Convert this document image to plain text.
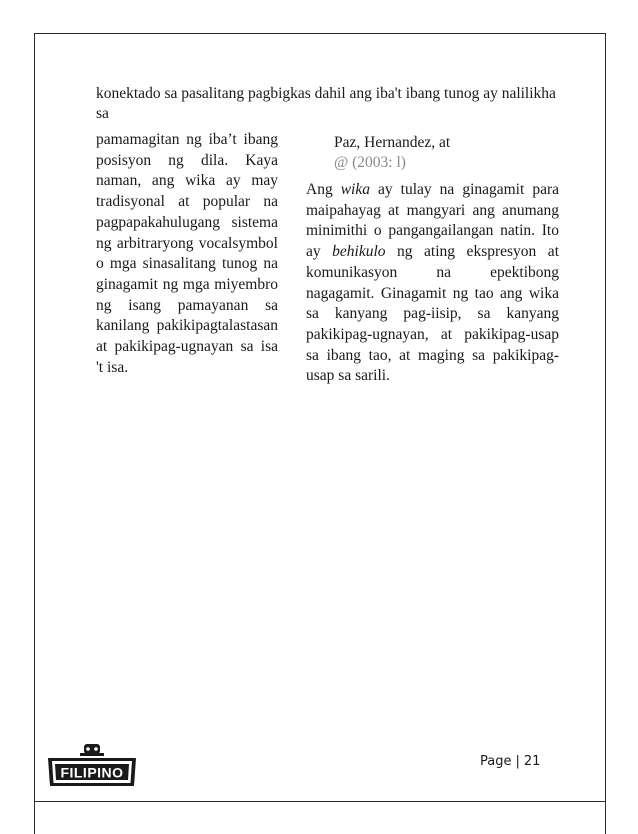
konektado sa pasalitang pagbigkas dahil ang iba't ibang tunog ay nalilikha sa

pamamagitan ng iba’t ibang posisyon ng dila. Kaya naman, ang wika ay may tradisyonal at popular na pagpapakahulugang sistema ng arbitraryong vocalsymbol o mga sinasalitang tunog na ginagamit ng mga miyembro ng isang pamayanan sa kanilang pakikipagtalastasan at pakikipag-ugnayan sa isa 't isa.

Paz, Hernandez, at
@ (2003: l)

Ang wika ay tulay na ginagamit para maipahayag at mangyari ang anumang minimithi o pangangailangan natin. Ito ay behikulo ng ating ekspresyon at komunikasyon na epektibong nagagamit. Ginagamit ng tao ang wika sa kanyang pag-iisip, sa kanyang pakikipag-ugnayan, at pakikipag-usap sa ibang tao, at maging sa pakikipag-usap sa sarili.

FILIPINO
Page | 21
